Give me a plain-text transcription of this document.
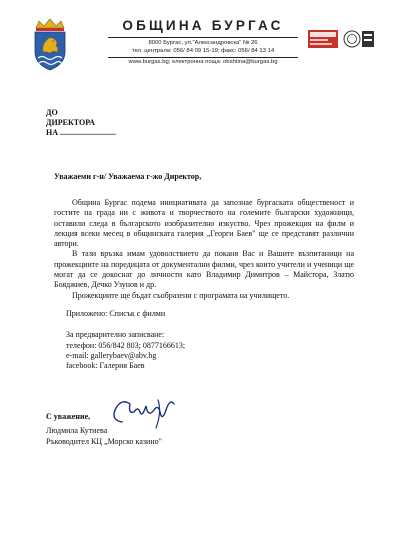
ОБЩИНА БУРГАС
8000 Бургас, ул."Александровска" № 26
тел. централа: 056/ 84 09 15-19; факс: 056/ 84 13 14
www.burgas.bg; електронна поща: obshtina@burgas.bg
ДО
ДИРЕКТОРА
НА ............................
Уважаеми г-н/ Уважаема г-жо Директор,

Община Бургас подема инициативата да запознае бургаската общественост и гостите на града ни с живота и творчеството на големите български художници, оставили следа в българското изобразително изкуство. Чрез прожекция на филм и лекция всеки месец в общинската галерия „Георги Баев" ще се представят различни автори.

В тази връзка имам удоволствието да поканя Вас и Вашите възпитаници на прожекциите на поредицата от документални филми, чрез които учители и ученици ще могат да се докоснат до личности като Владимир Димитров – Майстора, Златю Бояджиев, Дечко Узунов и др.

Прожекциите ще бъдат съобразени с програмата на училището.

Приложено: Списък с филми
За предварително записване:
телефон: 056/842 803; 0877166613;
e-mail: gallerybaev@abv.bg
facebook: Галерия Баев
С уважение,
Людмила Кутиева
Ръководител КЦ „Морско казино"
